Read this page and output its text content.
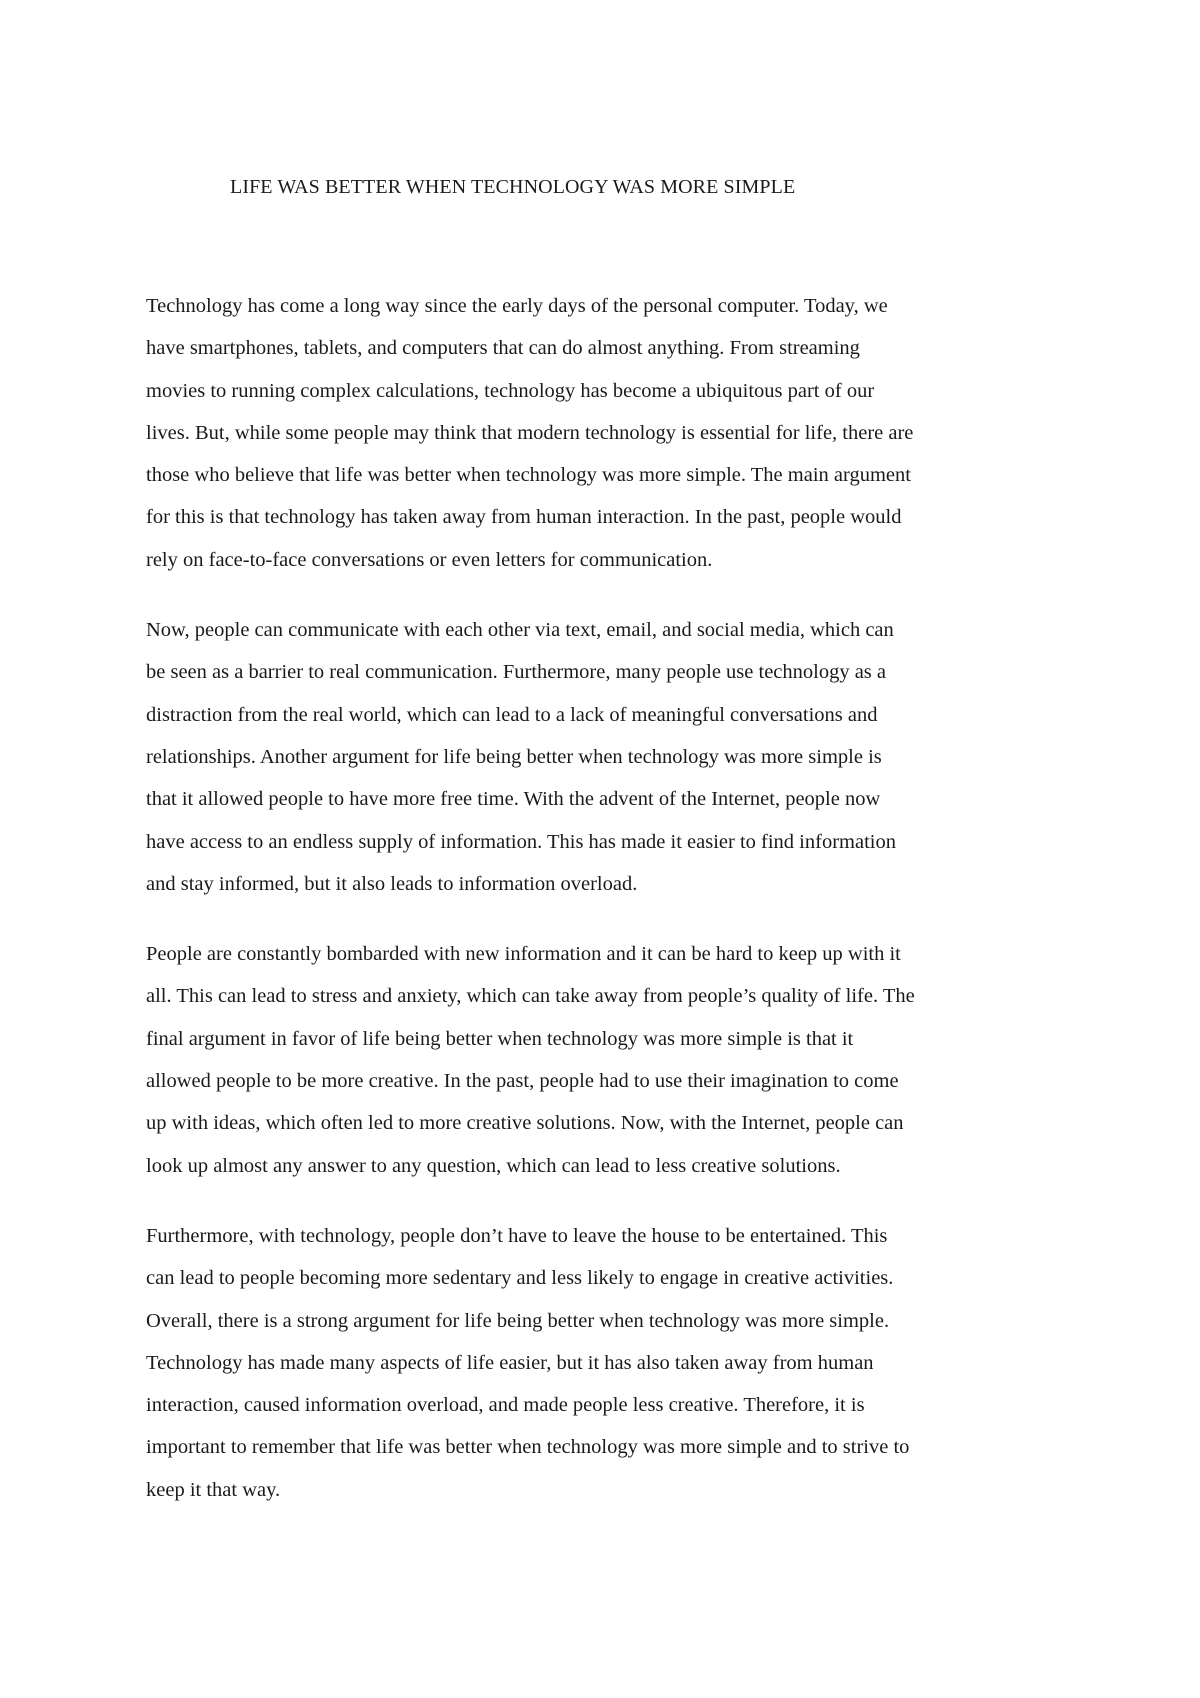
LIFE WAS BETTER WHEN TECHNOLOGY WAS MORE SIMPLE

Technology has come a long way since the early days of the personal computer. Today, we
have smartphones, tablets, and computers that can do almost anything. From streaming
movies to running complex calculations, technology has become a ubiquitous part of our
lives. But, while some people may think that modern technology is essential for life, there are
those who believe that life was better when technology was more simple. The main argument
for this is that technology has taken away from human interaction. In the past, people would
rely on face-to-face conversations or even letters for communication.

Now, people can communicate with each other via text, email, and social media, which can
be seen as a barrier to real communication. Furthermore, many people use technology as a
distraction from the real world, which can lead to a lack of meaningful conversations and
relationships. Another argument for life being better when technology was more simple is
that it allowed people to have more free time. With the advent of the Internet, people now
have access to an endless supply of information. This has made it easier to find information
and stay informed, but it also leads to information overload.

People are constantly bombarded with new information and it can be hard to keep up with it
all. This can lead to stress and anxiety, which can take away from people’s quality of life. The
final argument in favor of life being better when technology was more simple is that it
allowed people to be more creative. In the past, people had to use their imagination to come
up with ideas, which often led to more creative solutions. Now, with the Internet, people can
look up almost any answer to any question, which can lead to less creative solutions.

Furthermore, with technology, people don’t have to leave the house to be entertained. This
can lead to people becoming more sedentary and less likely to engage in creative activities.
Overall, there is a strong argument for life being better when technology was more simple.
Technology has made many aspects of life easier, but it has also taken away from human
interaction, caused information overload, and made people less creative. Therefore, it is
important to remember that life was better when technology was more simple and to strive to
keep it that way.
